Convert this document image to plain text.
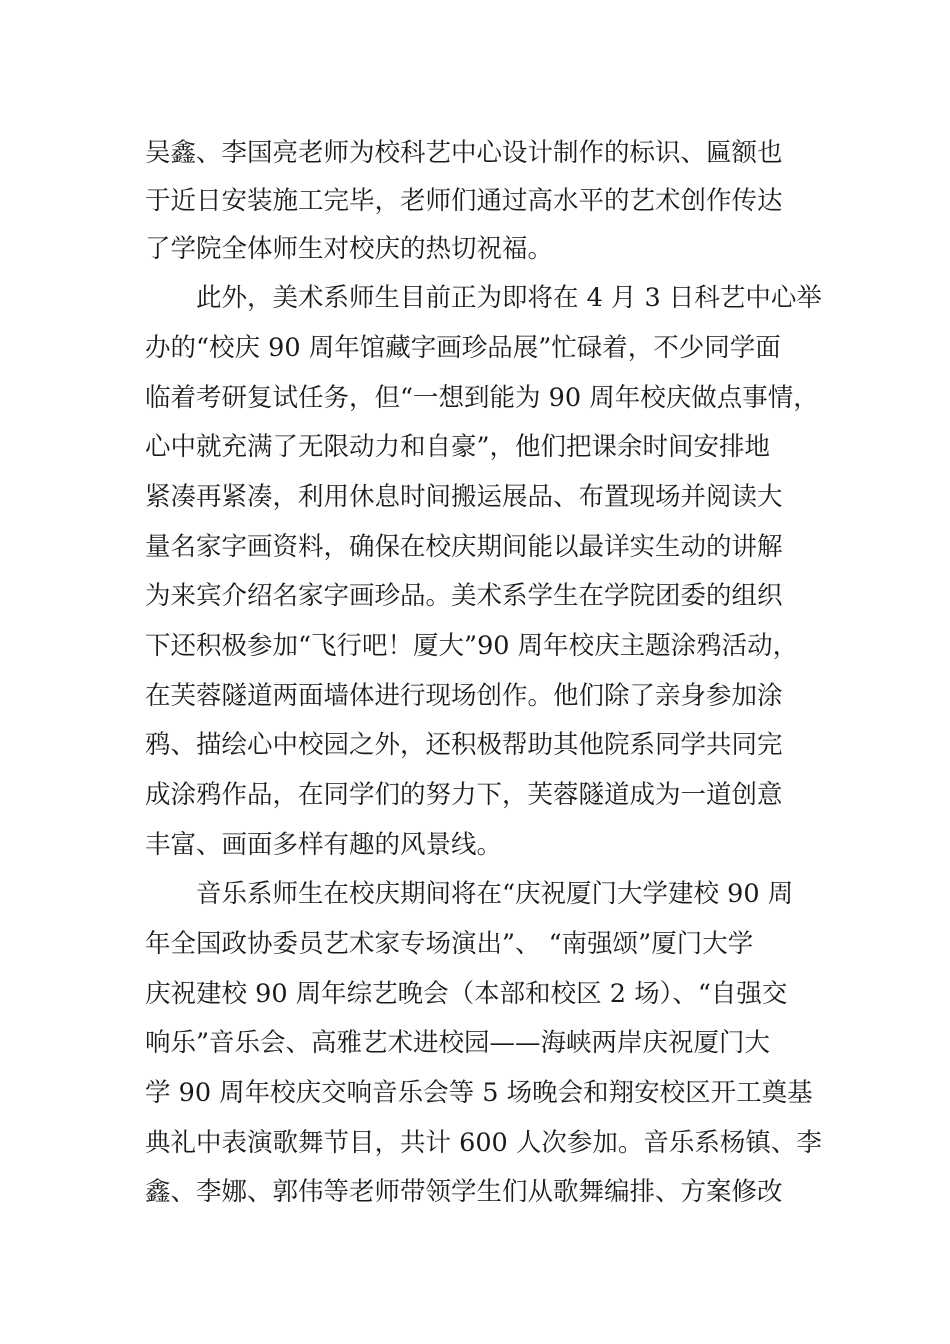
吴鑫、李国亮老师为校科艺中心设计制作的标识、匾额也
于近日安装施工完毕，老师们通过高水平的艺术创作传达
了学院全体师生对校庆的热切祝福。
此外，美术系师生目前正为即将在 4 月 3 日科艺中心举
办的“校庆 90 周年馆藏字画珍品展”忙碌着，不少同学面
临着考研复试任务，但“一想到能为 90 周年校庆做点事情，
心中就充满了无限动力和自豪”，他们把课余时间安排地
紧凑再紧凑，利用休息时间搬运展品、布置现场并阅读大
量名家字画资料，确保在校庆期间能以最详实生动的讲解
为来宾介绍名家字画珍品。美术系学生在学院团委的组织
下还积极参加“飞行吧！厦大”90 周年校庆主题涂鸦活动，
在芙蓉隧道两面墙体进行现场创作。他们除了亲身参加涂
鸦、描绘心中校园之外，还积极帮助其他院系同学共同完
成涂鸦作品，在同学们的努力下，芙蓉隧道成为一道创意
丰富、画面多样有趣的风景线。
音乐系师生在校庆期间将在“庆祝厦门大学建校 90 周
年全国政协委员艺术家专场演出”、 “南强颂”厦门大学
庆祝建校 90 周年综艺晚会（本部和校区 2 场）、“自强交
响乐”音乐会、高雅艺术进校园——海峡两岸庆祝厦门大
学 90 周年校庆交响音乐会等 5 场晚会和翔安校区开工奠基
典礼中表演歌舞节目，共计 600 人次参加。音乐系杨镇、李
鑫、李娜、郭伟等老师带领学生们从歌舞编排、方案修改
